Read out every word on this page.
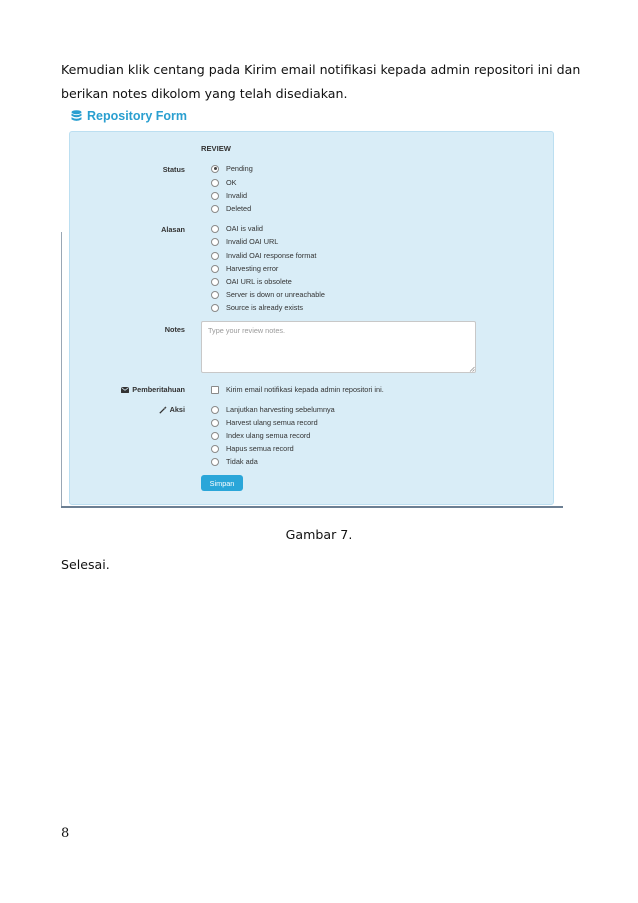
Kemudian klik centang pada Kirim email notifikasi kepada admin repositori ini dan
berikan notes dikolom yang telah disediakan.

Repository Form
REVIEW
Status	Pending
OK
Invalid
Deleted
Alasan	OAI is valid
Invalid OAI URL
Invalid OAI response format
Harvesting error
OAI URL is obsolete
Server is down or unreachable
Source is already exists
Notes
Type your review notes.
Pemberitahuan	Kirim email notifikasi kepada admin repositori ini.
Aksi	Lanjutkan harvesting sebelumnya
Harvest ulang semua record
Index ulang semua record
Hapus semua record
Tidak ada
Simpan

Gambar 7.

Selesai.

8
